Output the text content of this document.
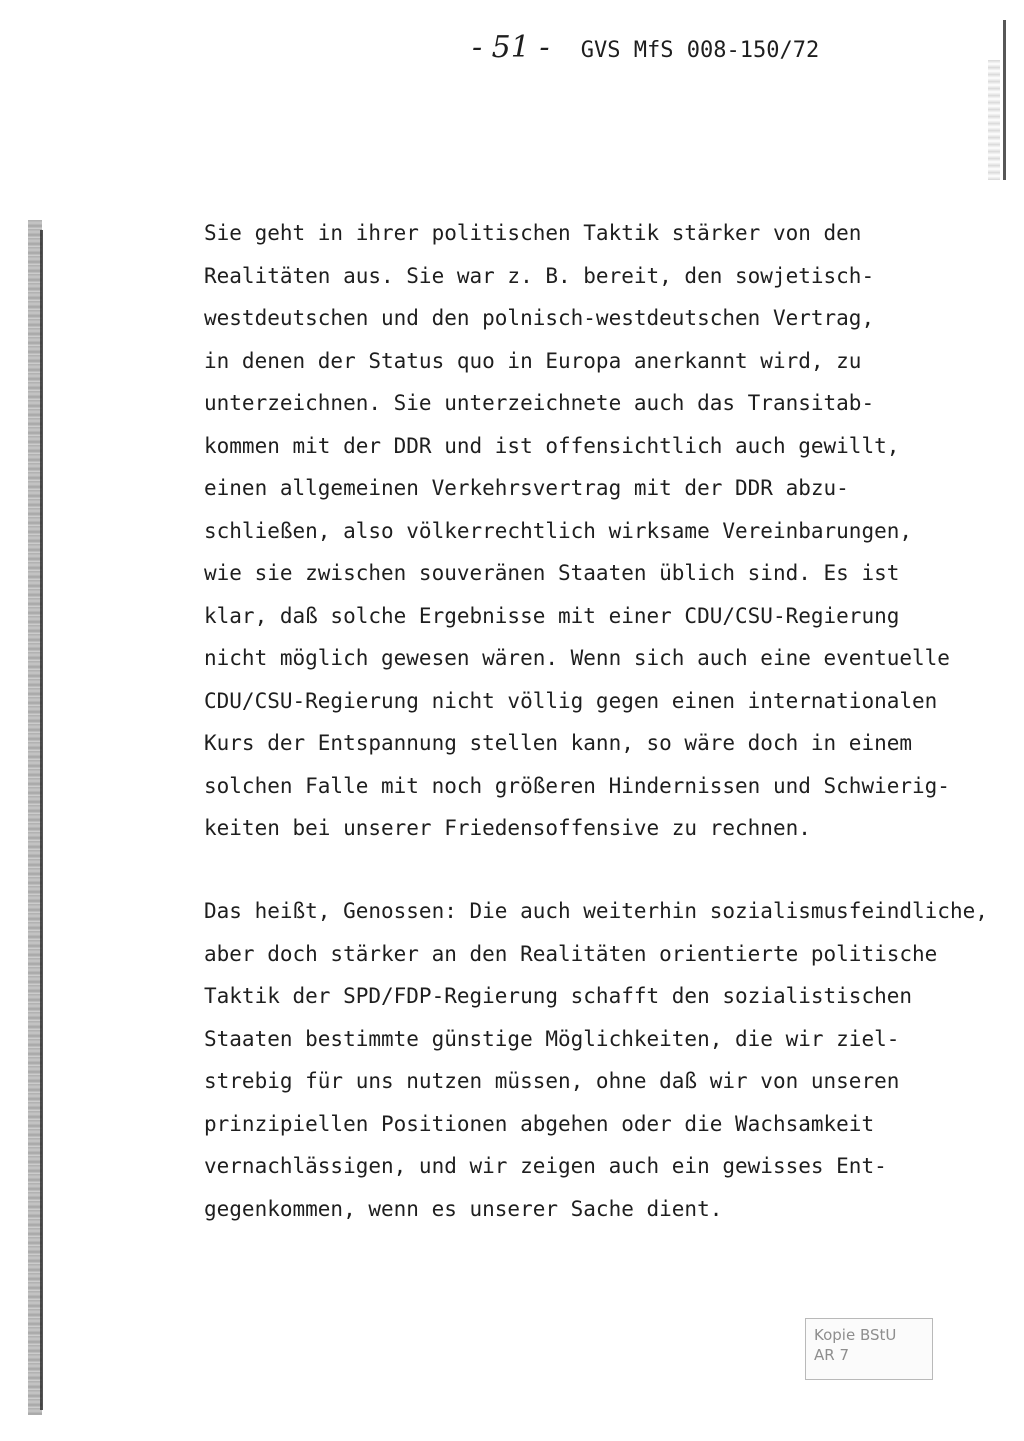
- 51 - GVS MfS 008-150/72
Sie geht in ihrer politischen Taktik stärker von den
Realitäten aus. Sie war z. B. bereit, den sowjetisch-
westdeutschen und den polnisch-westdeutschen Vertrag,
in denen der Status quo in Europa anerkannt wird, zu
unterzeichnen. Sie unterzeichnete auch das Transitab-
kommen mit der DDR und ist offensichtlich auch gewillt,
einen allgemeinen Verkehrsvertrag mit der DDR abzu-
schließen, also völkerrechtlich wirksame Vereinbarungen,
wie sie zwischen souveränen Staaten üblich sind. Es ist
klar, daß solche Ergebnisse mit einer CDU/CSU-Regierung
nicht möglich gewesen wären. Wenn sich auch eine eventuelle
CDU/CSU-Regierung nicht völlig gegen einen internationalen
Kurs der Entspannung stellen kann, so wäre doch in einem
solchen Falle mit noch größeren Hindernissen und Schwierig-
keiten bei unserer Friedensoffensive zu rechnen.
Das heißt, Genossen: Die auch weiterhin sozialismusfeindliche,
aber doch stärker an den Realitäten orientierte politische
Taktik der SPD/FDP-Regierung schafft den sozialistischen
Staaten bestimmte günstige Möglichkeiten, die wir ziel-
strebig für uns nutzen müssen, ohne daß wir von unseren
prinzipiellen Positionen abgehen oder die Wachsamkeit
vernachlässigen, und wir zeigen auch ein gewisses Ent-
gegenkommen, wenn es unserer Sache dient.
Kopie BStU
AR 7
